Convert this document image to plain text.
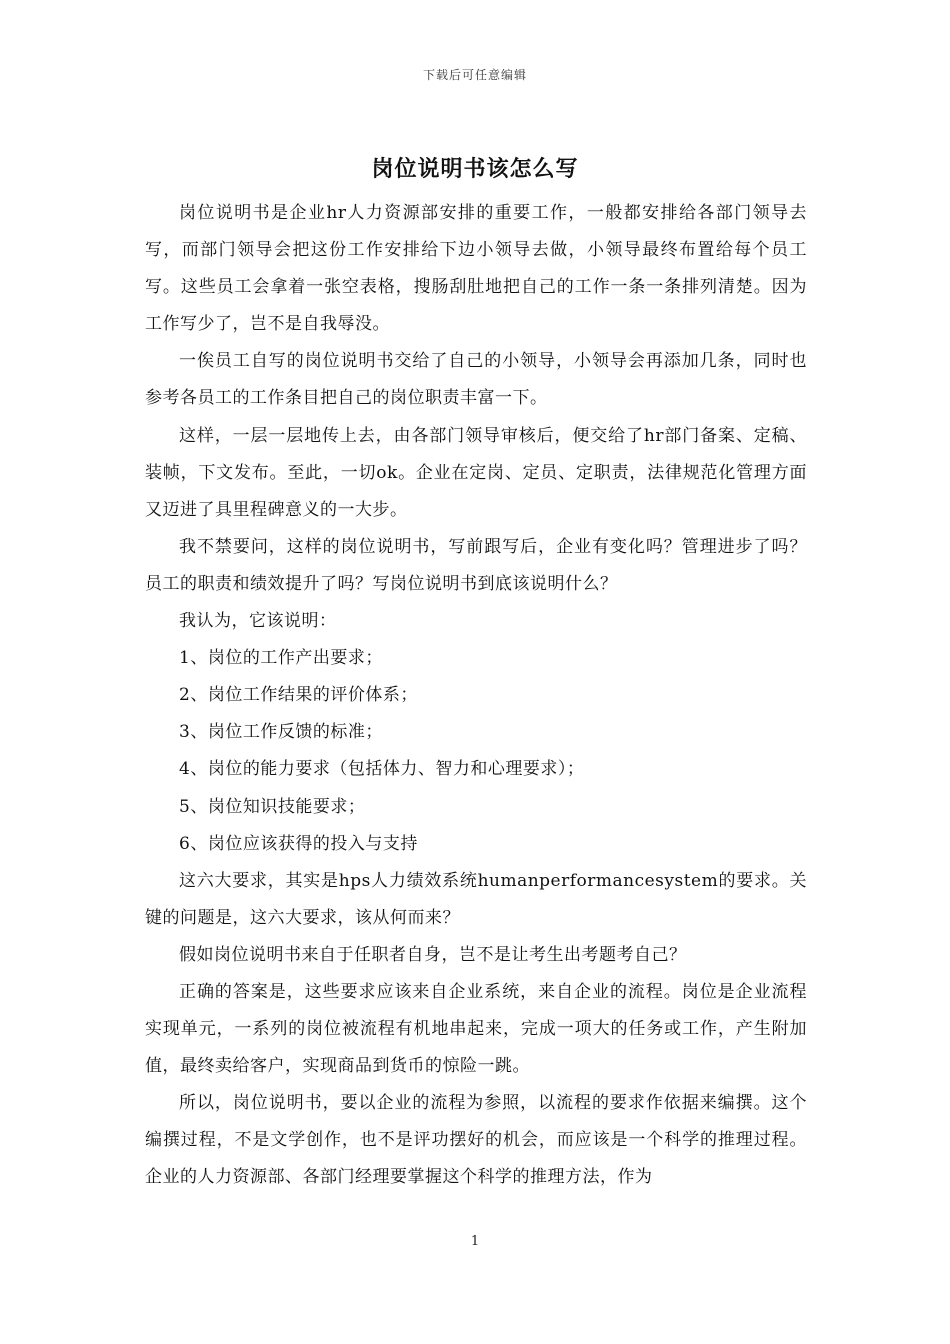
下载后可任意编辑
岗位说明书该怎么写

岗位说明书是企业hr人力资源部安排的重要工作，一般都安排给各部门领导去写，而部门领导会把这份工作安排给下边小领导去做，小领导最终布置给每个员工写。这些员工会拿着一张空表格，搜肠刮肚地把自己的工作一条一条排列清楚。因为工作写少了，岂不是自我辱没。

一俟员工自写的岗位说明书交给了自己的小领导，小领导会再添加几条，同时也参考各员工的工作条目把自己的岗位职责丰富一下。

这样，一层一层地传上去，由各部门领导审核后，便交给了hr部门备案、定稿、装帧，下文发布。至此，一切ok。企业在定岗、定员、定职责，法律规范化管理方面又迈进了具里程碑意义的一大步。

我不禁要问，这样的岗位说明书，写前跟写后，企业有变化吗？管理进步了吗？员工的职责和绩效提升了吗？写岗位说明书到底该说明什么？

我认为，它该说明：

1、岗位的工作产出要求；

2、岗位工作结果的评价体系；

3、岗位工作反馈的标准；

4、岗位的能力要求（包括体力、智力和心理要求）；

5、岗位知识技能要求；

6、岗位应该获得的投入与支持

这六大要求，其实是hps人力绩效系统humanperformancesystem的要求。关键的问题是，这六大要求，该从何而来？

假如岗位说明书来自于任职者自身，岂不是让考生出考题考自己？

正确的答案是，这些要求应该来自企业系统，来自企业的流程。岗位是企业流程实现单元，一系列的岗位被流程有机地串起来，完成一项大的任务或工作，产生附加值，最终卖给客户，实现商品到货币的惊险一跳。

所以，岗位说明书，要以企业的流程为参照，以流程的要求作依据来编撰。这个编撰过程，不是文学创作，也不是评功摆好的机会，而应该是一个科学的推理过程。企业的人力资源部、各部门经理要掌握这个科学的推理方法，作为

1
